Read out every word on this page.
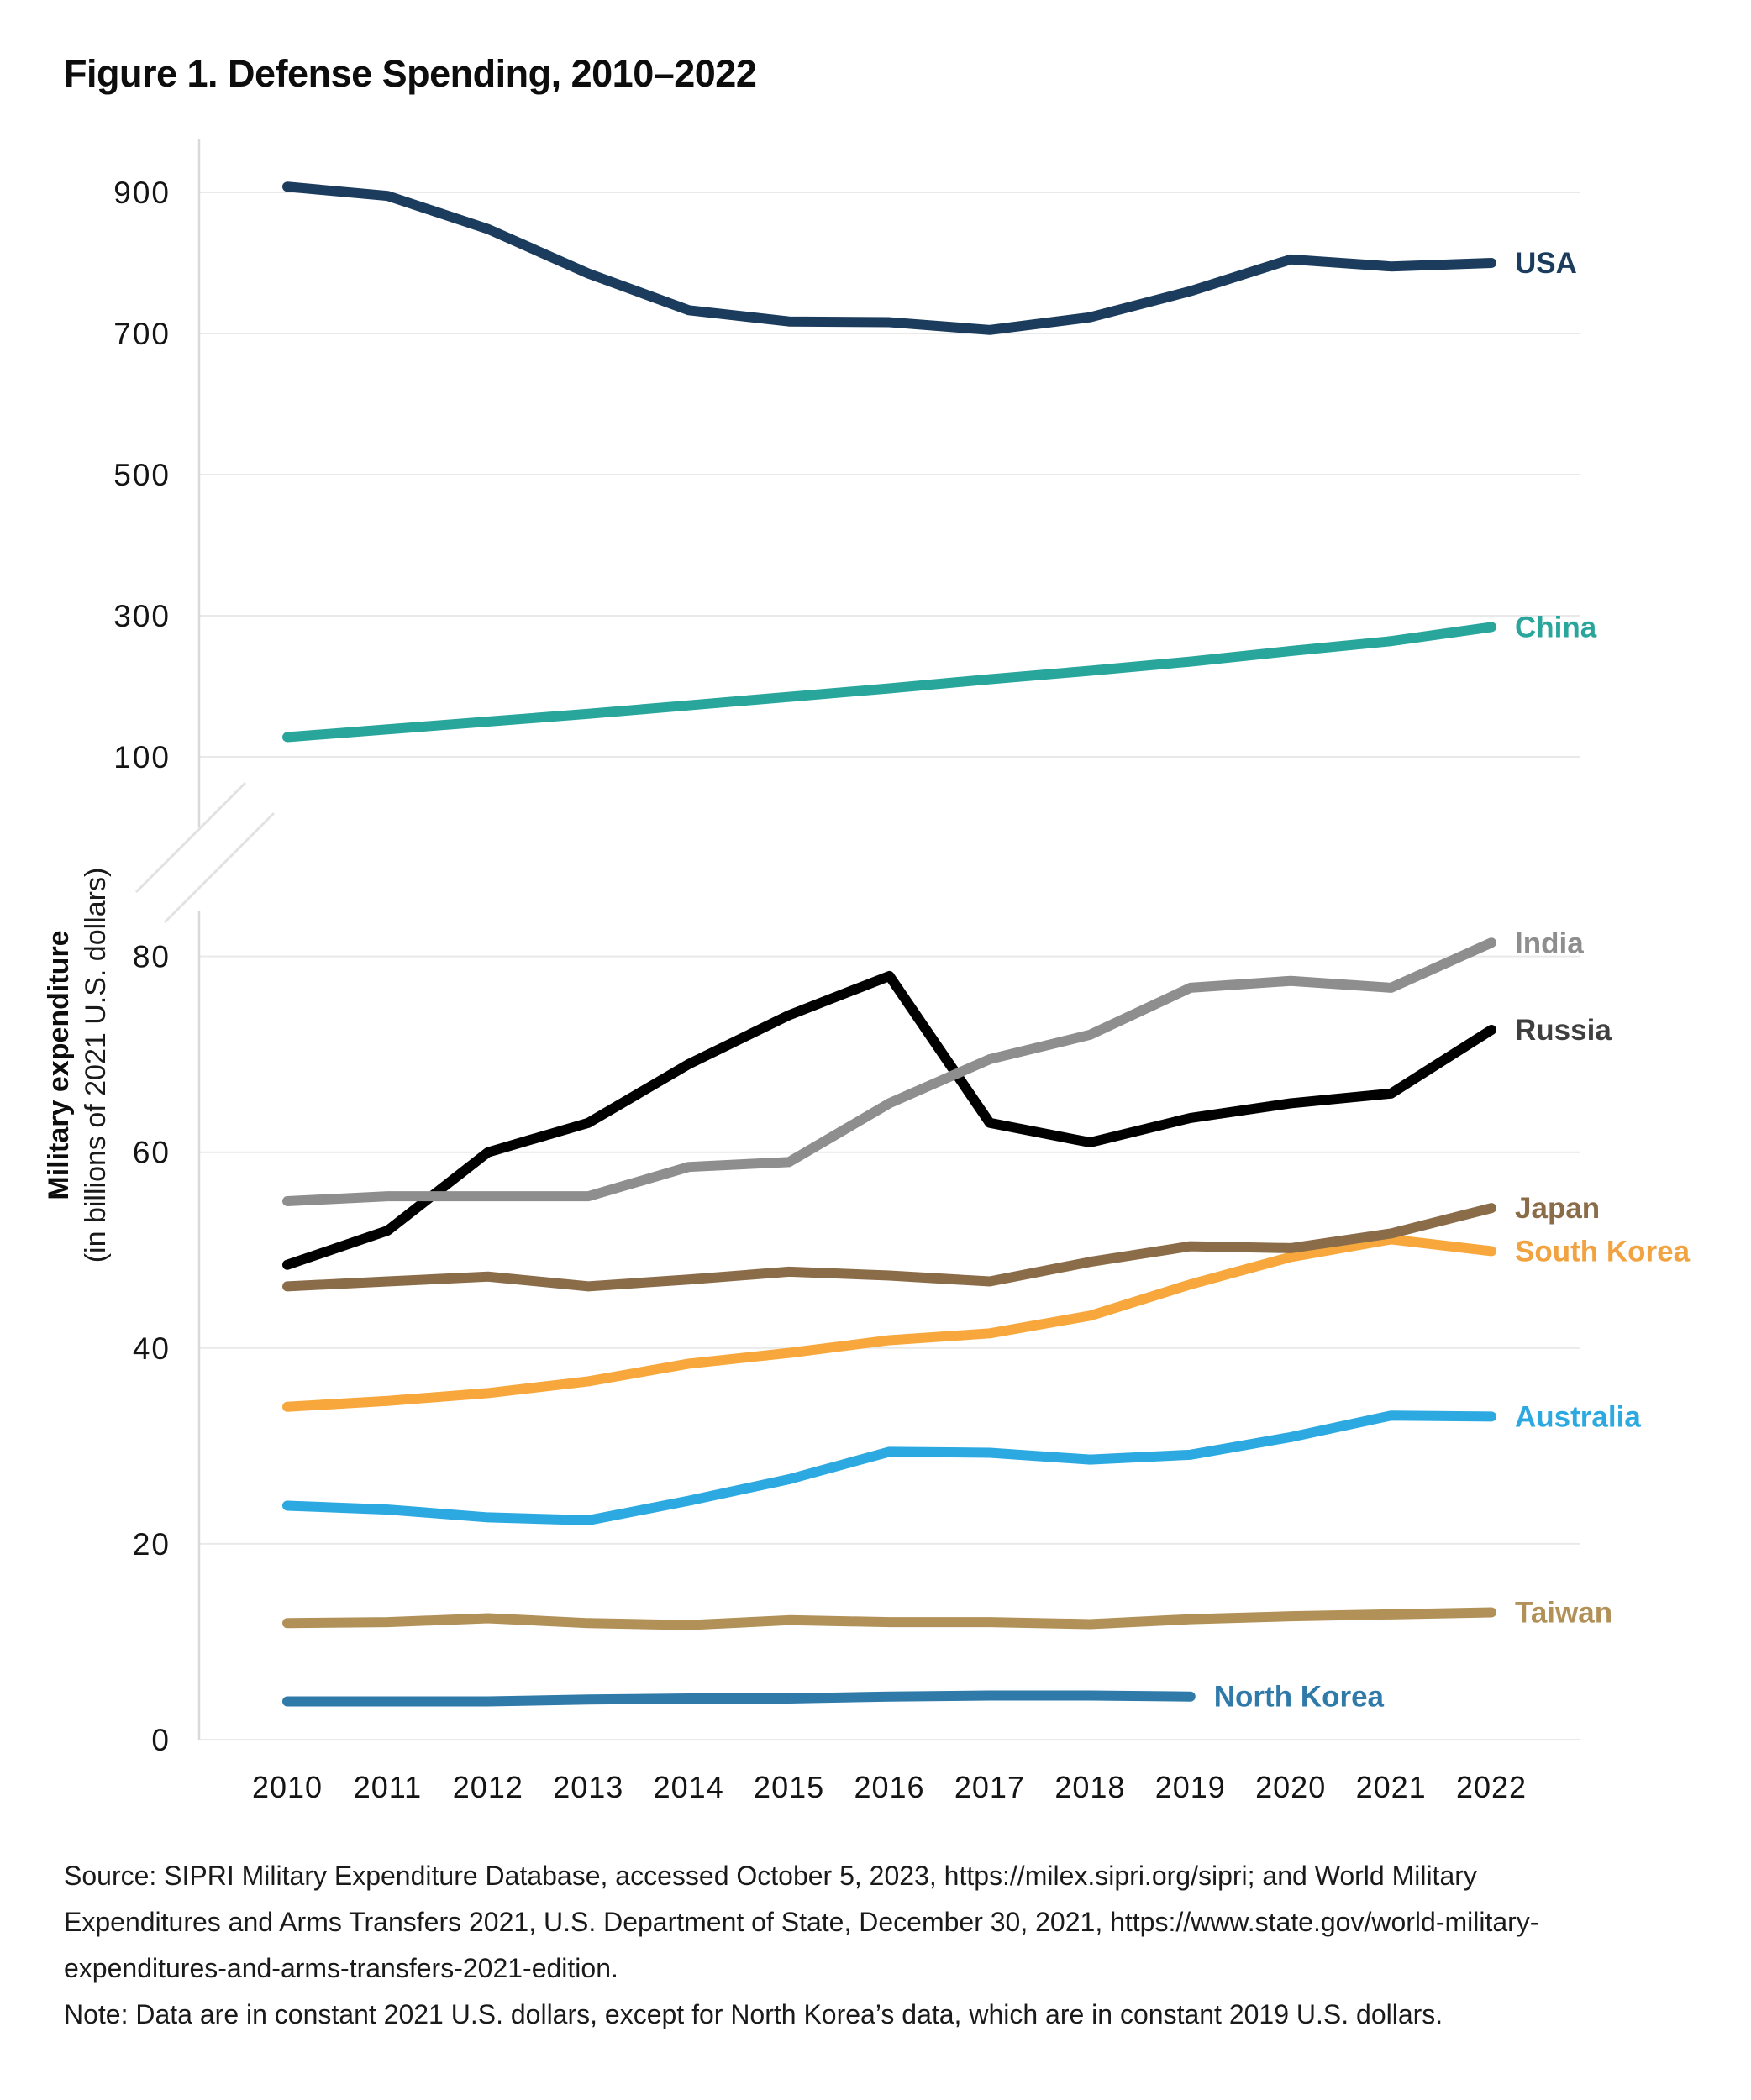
Figure 1. Defense Spending, 2010–2022
0
20
40
60
80
100
300
500
700
900
2010 2011 2012 2013 2014 2015 2016 2017 2018 2019 2020 2021 2022
USA
China
Russia
India
South Korea
Japan
Australia
Taiwan
North Korea
Military expenditure (in billions of 2021 U.S. dollars)
Source: SIPRI Military Expenditure Database, accessed October 5, 2023, https://milex.sipri.org/sipri; and World Military
Expenditures and Arms Transfers 2021, U.S. Department of State, December 30, 2021, https://www.state.gov/world-military-
expenditures-and-arms-transfers-2021-edition.
Note: Data are in constant 2021 U.S. dollars, except for North Korea’s data, which are in constant 2019 U.S. dollars.
